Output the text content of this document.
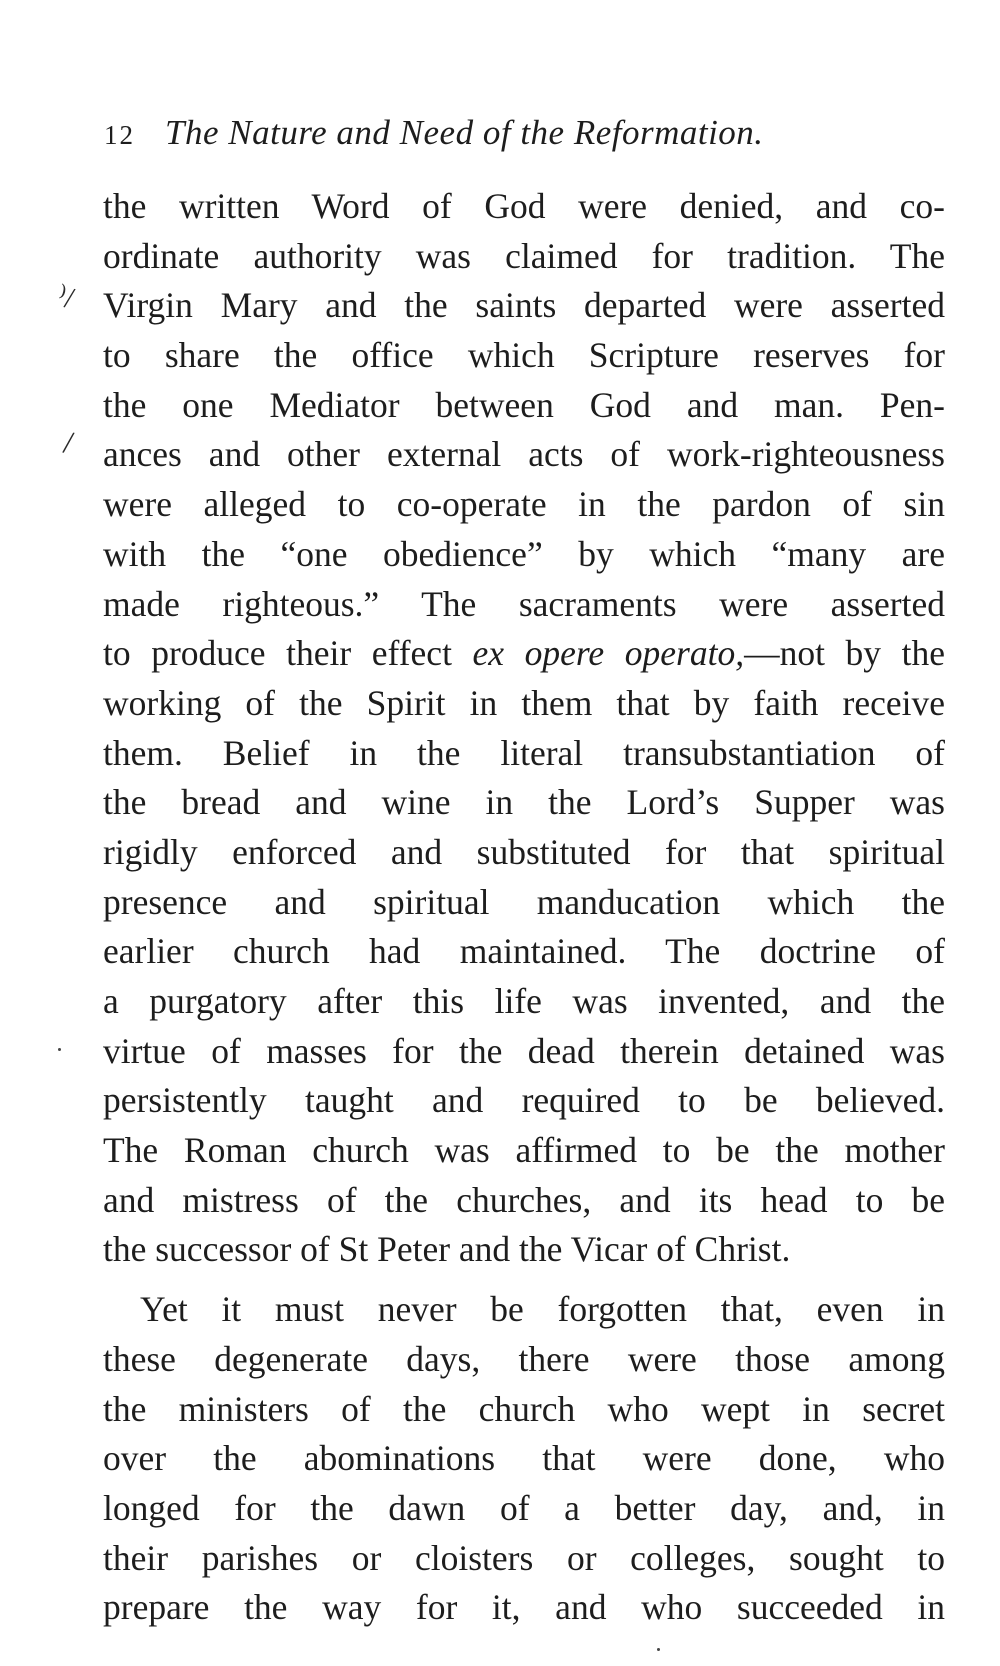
12 The Nature and Need of the Reformation.
⁾/
/
the written Word of God were denied, and co-
ordinate authority was claimed for tradition. The
Virgin Mary and the saints departed were asserted
to share the office which Scripture reserves for
the one Mediator between God and man. Pen-
ances and other external acts of work-righteousness
were alleged to co-operate in the pardon of sin
with the “one obedience” by which “many are
made righteous.” The sacraments were asserted
to produce their effect ex opere operato,—not by the
working of the Spirit in them that by faith receive
them. Belief in the literal transubstantiation of
the bread and wine in the Lord’s Supper was
rigidly enforced and substituted for that spiritual
presence and spiritual manducation which the
earlier church had maintained. The doctrine of
a purgatory after this life was invented, and the
virtue of masses for the dead therein detained was
persistently taught and required to be believed.
The Roman church was affirmed to be the mother
and mistress of the churches, and its head to be
the successor of St Peter and the Vicar of Christ.
Yet it must never be forgotten that, even in
these degenerate days, there were those among
the ministers of the church who wept in secret
over the abominations that were done, who
longed for the dawn of a better day, and, in
their parishes or cloisters or colleges, sought to
prepare the way for it, and who succeeded in
